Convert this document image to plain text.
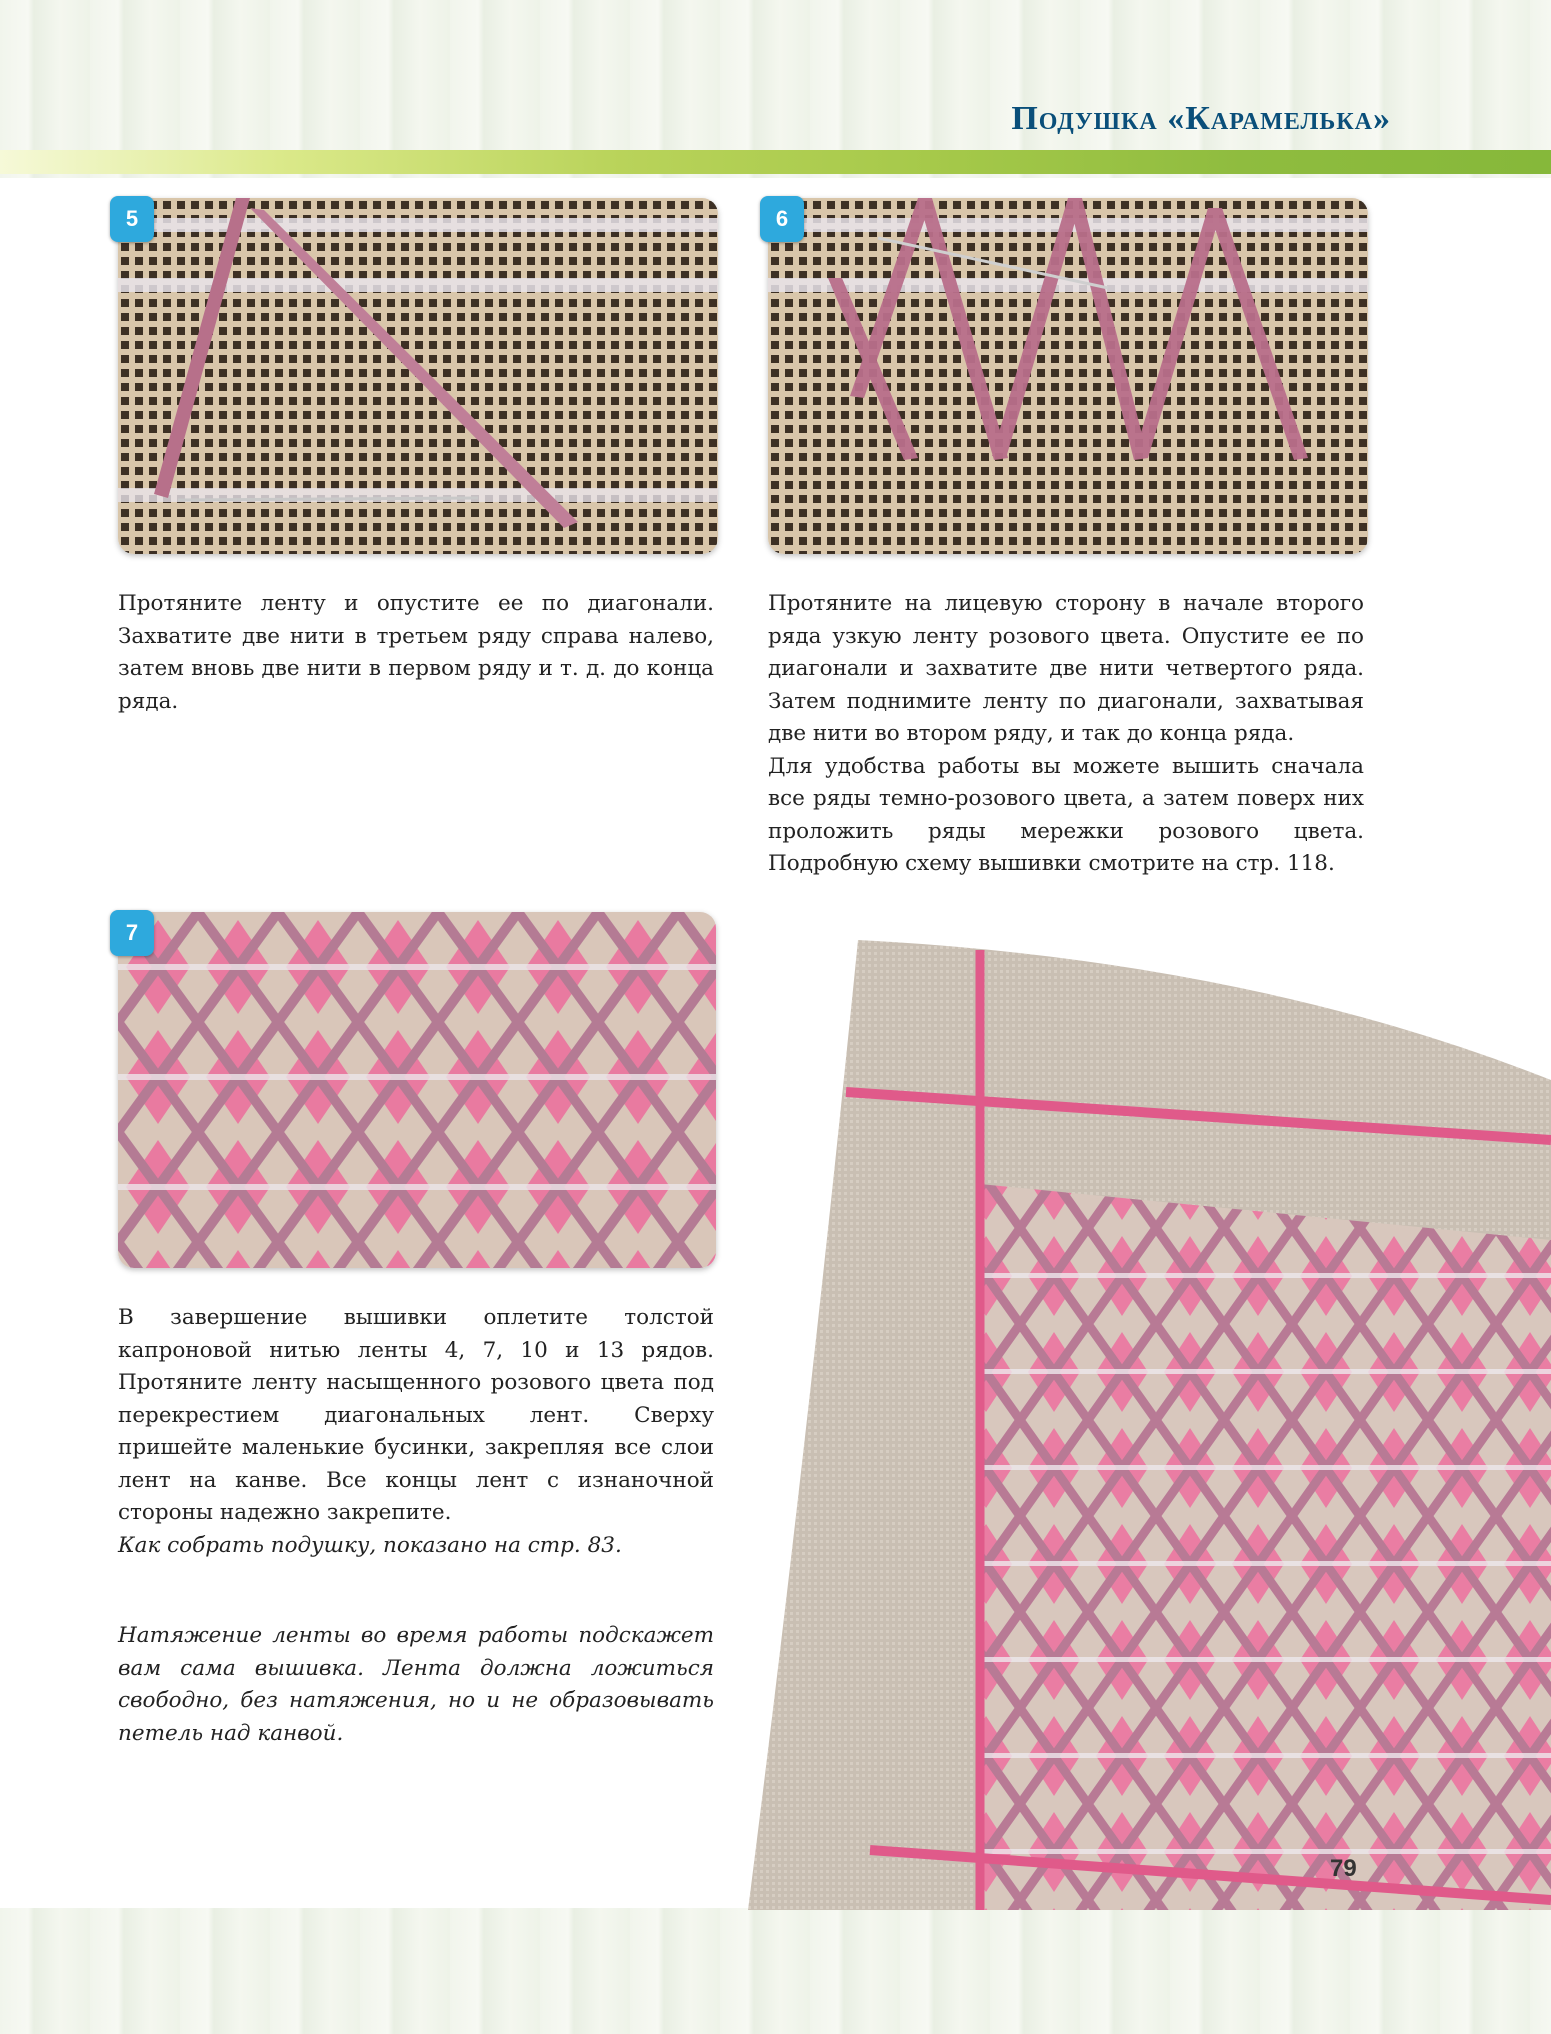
Подушка «Карамелька»
5	6

Протяните ленту и опустите ее по диагонали. Захватите две нити в третьем ряду справа налево, затем вновь две нити в первом ряду и т. д. до конца ряда.

Протяните на лицевую сторону в начале второго ряда узкую ленту розового цвета. Опустите ее по диагонали и захватите две нити четвертого ряда. Затем поднимите ленту по диагонали, захватывая две нити во втором ряду, и так до конца ряда.

Для удобства работы вы можете вышить сначала все ряды темно-розового цвета, а затем поверх них проложить ряды мережки розового цвета. Подробную схему вышивки смотрите на стр. 118.

7

В завершение вышивки оплетите толстой капроновой нитью ленты 4, 7, 10 и 13 рядов. Протяните ленту насыщенного розового цвета под перекрестием диагональных лент. Сверху пришейте маленькие бусинки, закрепляя все слои лент на канве. Все концы лент с изнаночной стороны надежно закрепите.

Как собрать подушку, показано на стр. 83.

Натяжение ленты во время работы подскажет вам сама вышивка. Лента должна ложиться свободно, без натяжения, но и не образовывать петель над канвой.

79
